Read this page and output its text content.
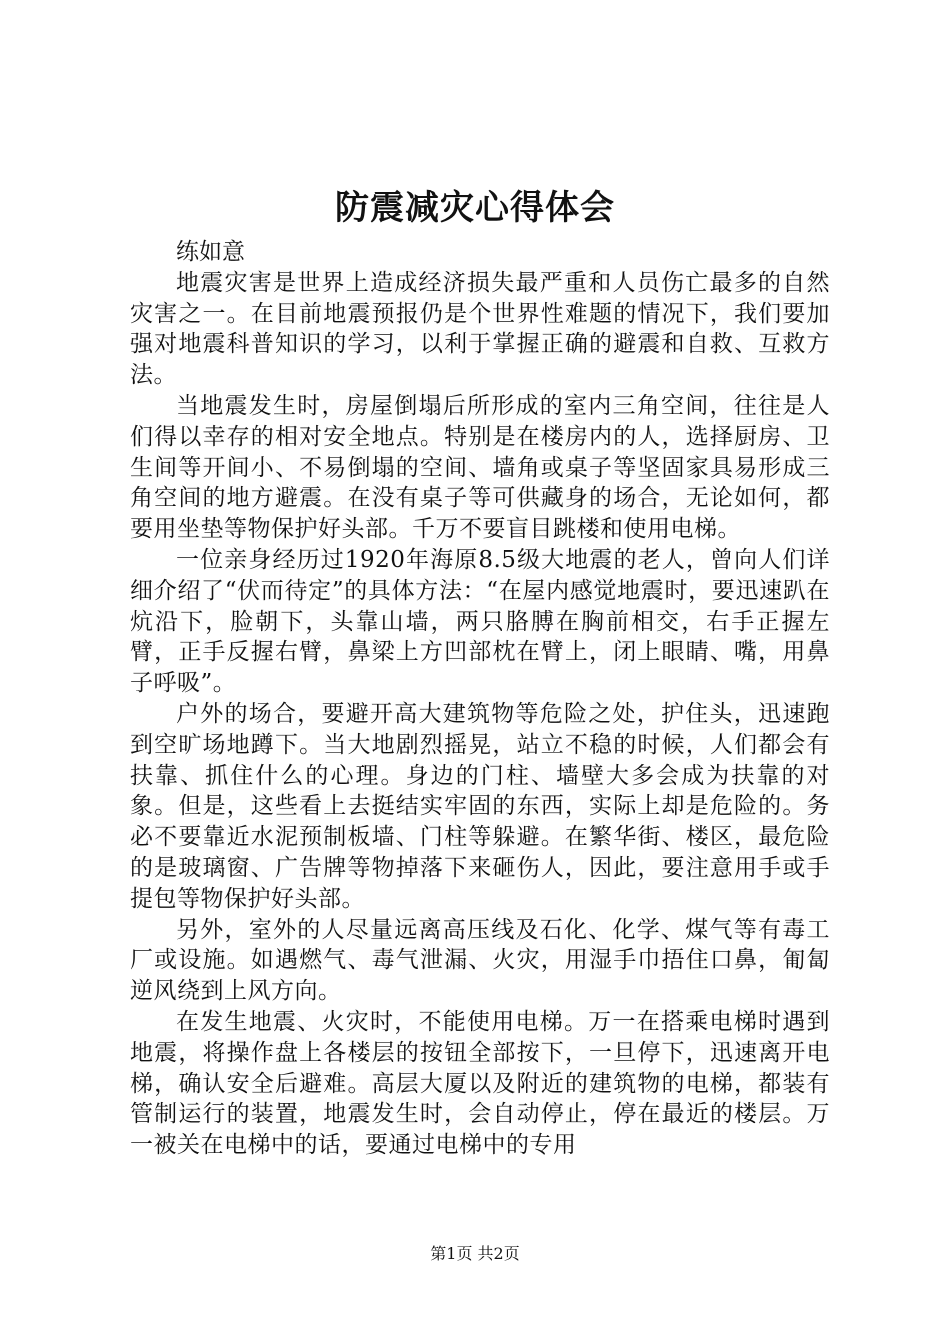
防震减灾心得体会

练如意

地震灾害是世界上造成经济损失最严重和人员伤亡最多的自然灾害之一。在目前地震预报仍是个世界性难题的情况下，我们要加强对地震科普知识的学习，以利于掌握正确的避震和自救、互救方法。

当地震发生时，房屋倒塌后所形成的室内三角空间，往往是人们得以幸存的相对安全地点。特别是在楼房内的人，选择厨房、卫生间等开间小、不易倒塌的空间、墙角或桌子等坚固家具易形成三角空间的地方避震。在没有桌子等可供藏身的场合，无论如何，都要用坐垫等物保护好头部。千万不要盲目跳楼和使用电梯。

一位亲身经历过1920年海原8.5级大地震的老人，曾向人们详细介绍了“伏而待定”的具体方法：“在屋内感觉地震时，要迅速趴在炕沿下，脸朝下，头靠山墙，两只胳膊在胸前相交，右手正握左臂，正手反握右臂，鼻梁上方凹部枕在臂上，闭上眼睛、嘴，用鼻子呼吸”。

户外的场合，要避开高大建筑物等危险之处，护住头，迅速跑到空旷场地蹲下。当大地剧烈摇晃，站立不稳的时候，人们都会有扶靠、抓住什么的心理。身边的门柱、墙壁大多会成为扶靠的对象。但是，这些看上去挺结实牢固的东西，实际上却是危险的。务必不要靠近水泥预制板墙、门柱等躲避。在繁华街、楼区，最危险的是玻璃窗、广告牌等物掉落下来砸伤人，因此，要注意用手或手提包等物保护好头部。

另外，室外的人尽量远离高压线及石化、化学、煤气等有毒工厂或设施。如遇燃气、毒气泄漏、火灾，用湿手巾捂住口鼻，匍匐逆风绕到上风方向。

在发生地震、火灾时，不能使用电梯。万一在搭乘电梯时遇到地震，将操作盘上各楼层的按钮全部按下，一旦停下，迅速离开电梯，确认安全后避难。高层大厦以及附近的建筑物的电梯，都装有管制运行的装置，地震发生时，会自动停止，停在最近的楼层。万一被关在电梯中的话，要通过电梯中的专用

第1页 共2页
